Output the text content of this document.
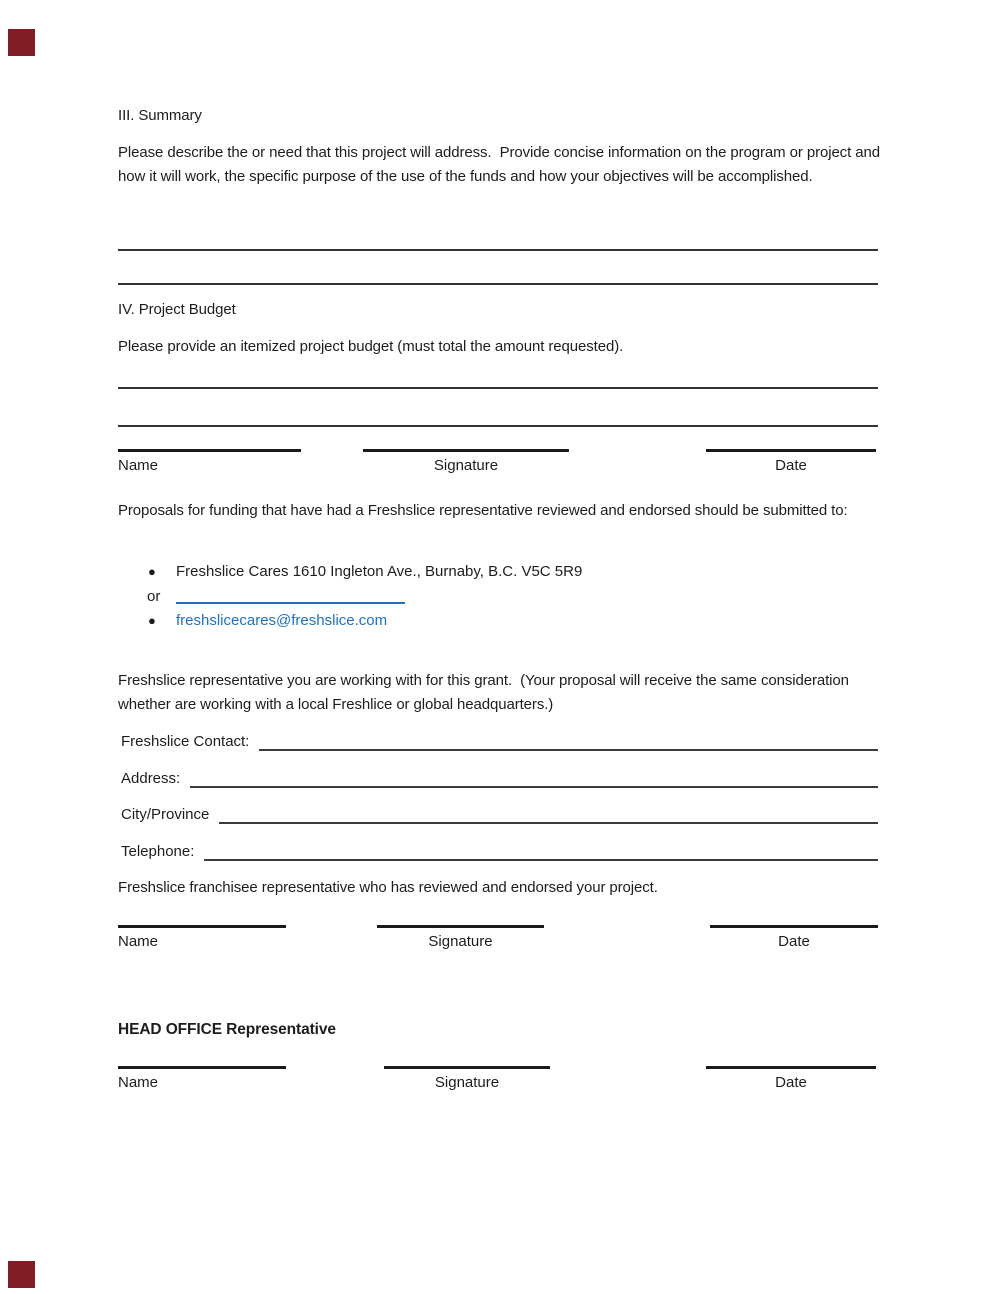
III. Summary
Please describe the or need that this project will address.  Provide concise information on the program or project and how it will work, the specific purpose of the use of the funds and how your objectives will be accomplished.
IV. Project Budget
Please provide an itemized project budget (must total the amount requested).
Name	Signature	Date
Proposals for funding that have had a Freshslice representative reviewed and endorsed should be submitted to:
●	Freshslice Cares 1610 Ingleton Ave., Burnaby, B.C. V5C 5R9
or
●	freshslicecares@freshslice.com
Freshslice representative you are working with for this grant.  (Your proposal will receive the same consideration whether are working with a local Freshlice or global headquarters.)
Freshslice Contact:
Address:
City/Province
Telephone:
Freshslice franchisee representative who has reviewed and endorsed your project.
Name	Signature	Date
HEAD OFFICE Representative
Name	Signature	Date
